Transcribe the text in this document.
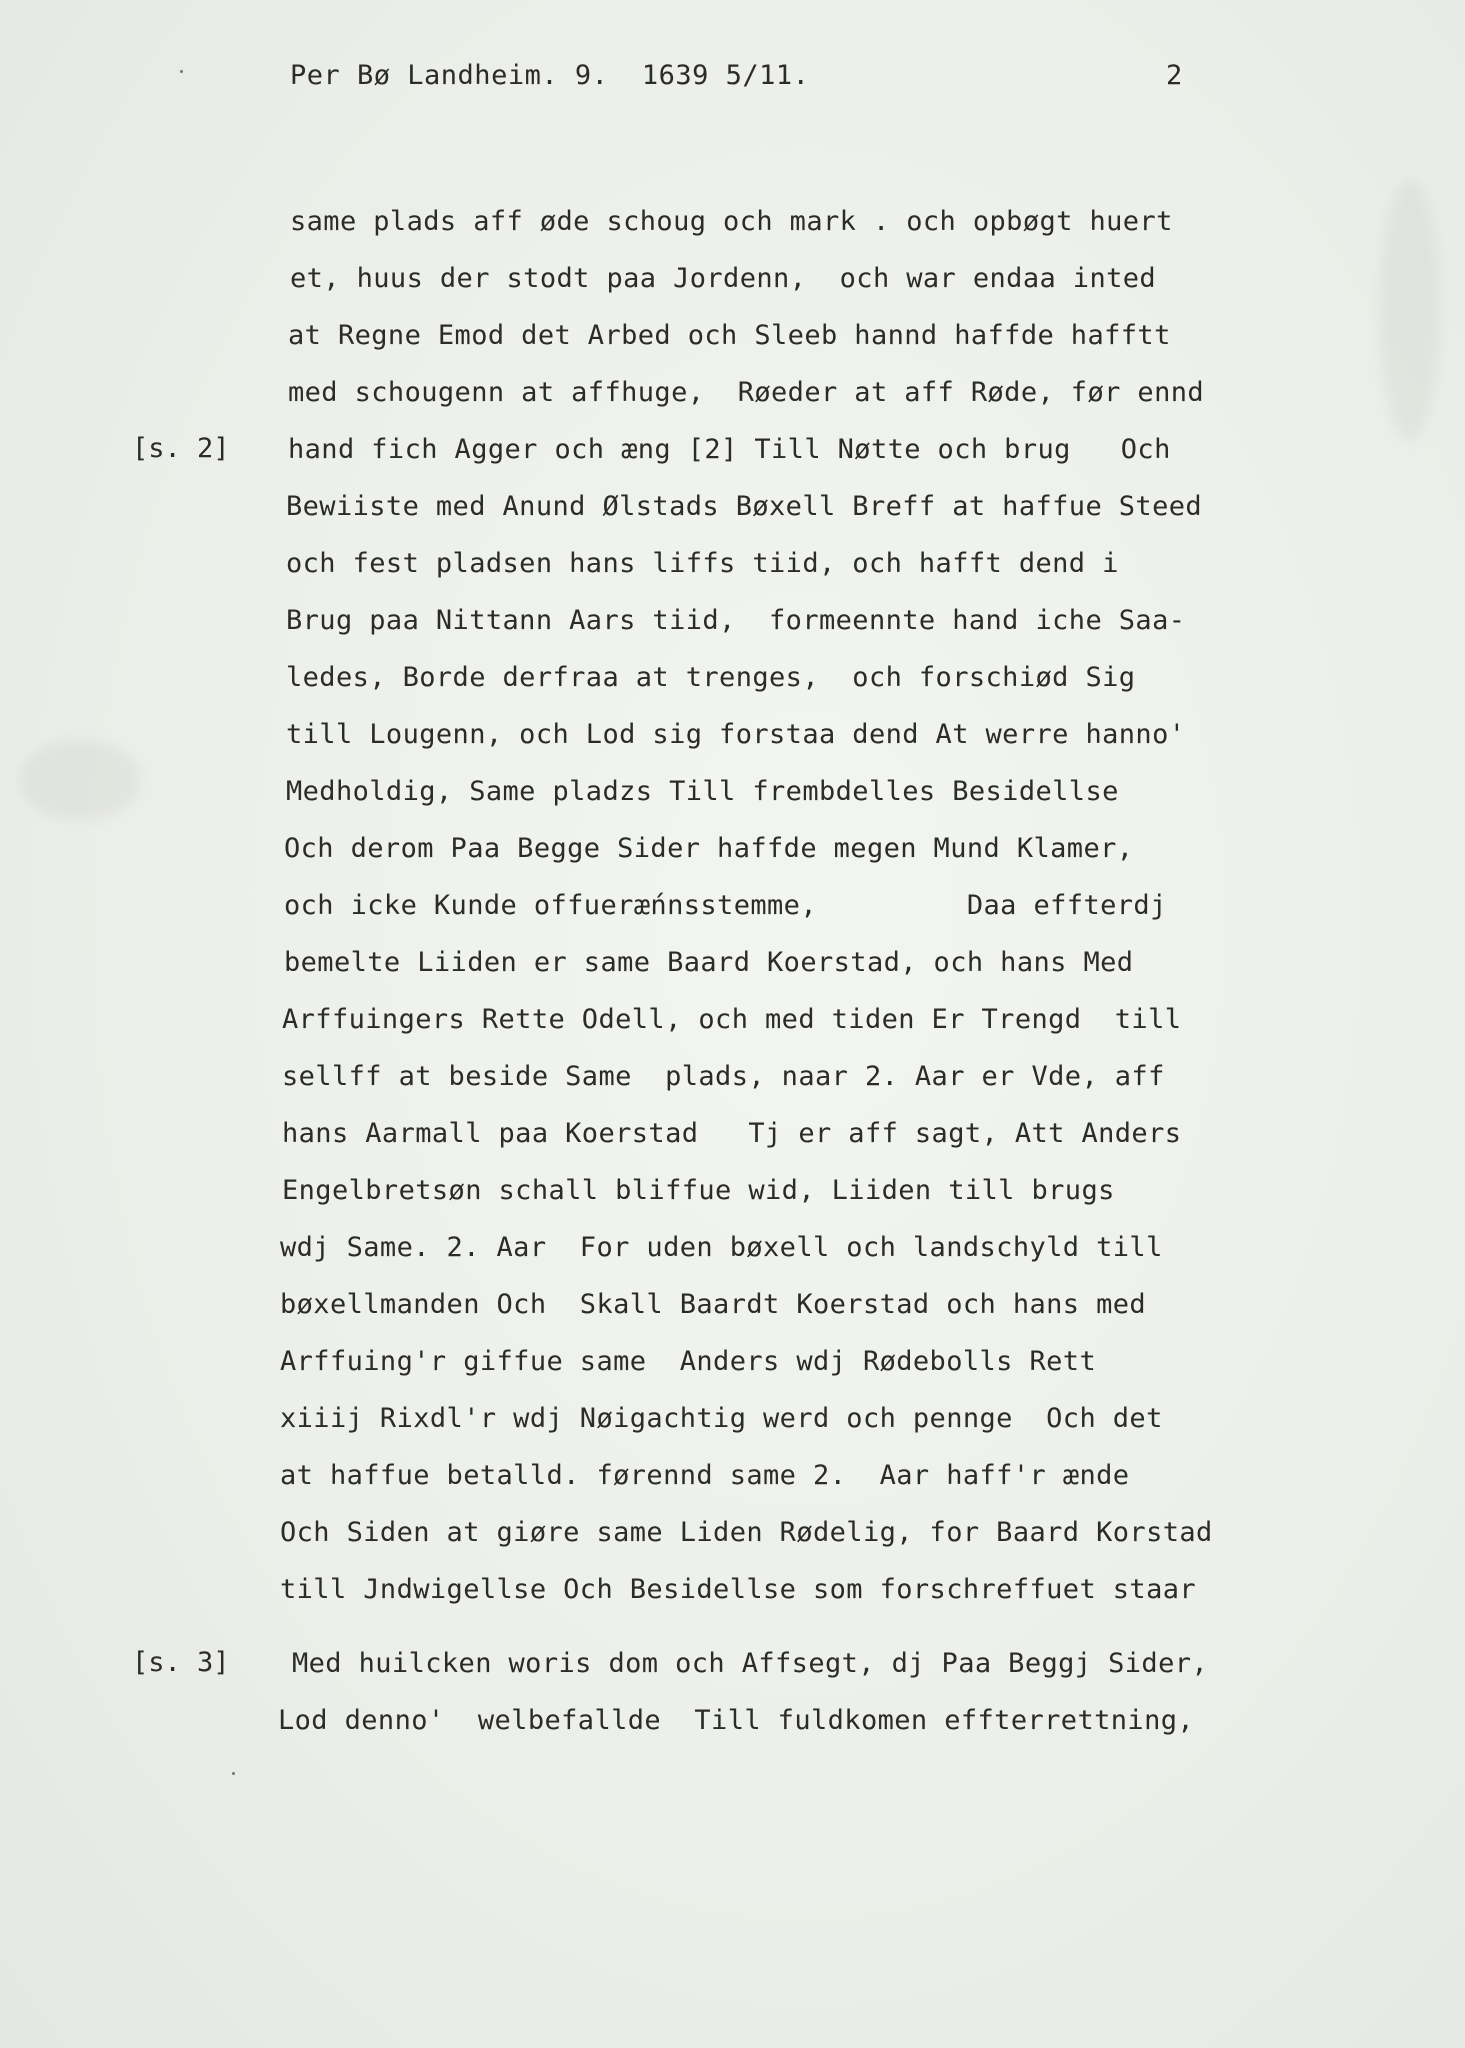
Per Bø Landheim. 9.  1639 5/11.	2
[s. 2]
[s. 3]
same plads aff øde schoug och mark . och opbøgt huert
et, huus der stodt paa Jordenn,  och war endaa inted
at Regne Emod det Arbed och Sleeb hannd haffde hafftt
med schougenn at affhuge,  Røeder at aff Røde, før ennd
hand fich Agger och æng [2] Till Nøtte och brug   Och
Bewiiste med Anund Ølstads Bøxell Breff at haffue Steed
och fest pladsen hans liffs tiid, och hafft dend i
Brug paa Nittann Aars tiid,  formeennte hand iche Saa-
ledes, Borde derfraa at trenges,  och forschiød Sig
till Lougenn, och Lod sig forstaa dend At werre hanno'
Medholdig, Same pladzs Till frembdelles Besidellse
Och derom Paa Begge Sider haffde megen Mund Klamer,
och icke Kunde offueræńnsstemme,         Daa effterdj
bemelte Liiden er same Baard Koerstad, och hans Med
Arffuingers Rette Odell, och med tiden Er Trengd  till
sellff at beside Same  plads, naar 2. Aar er Vde, aff
hans Aarmall paa Koerstad   Tj er aff sagt, Att Anders
Engelbretsøn schall bliffue wid, Liiden till brugs
wdj Same. 2. Aar  For uden bøxell och landschyld till
bøxellmanden Och  Skall Baardt Koerstad och hans med
Arffuing'r giffue same  Anders wdj Rødebolls Rett
xiiij Rixdl'r wdj Nøigachtig werd och pennge  Och det
at haffue betalld. førennd same 2.  Aar haff'r ænde
Och Siden at giøre same Liden Rødelig, for Baard Korstad
till Jndwigellse Och Besidellse som forschreffuet staar
Med huilcken woris dom och Affsegt, dj Paa Beggj Sider,
Lod denno'  welbefallde  Till fuldkomen effterrettning,
